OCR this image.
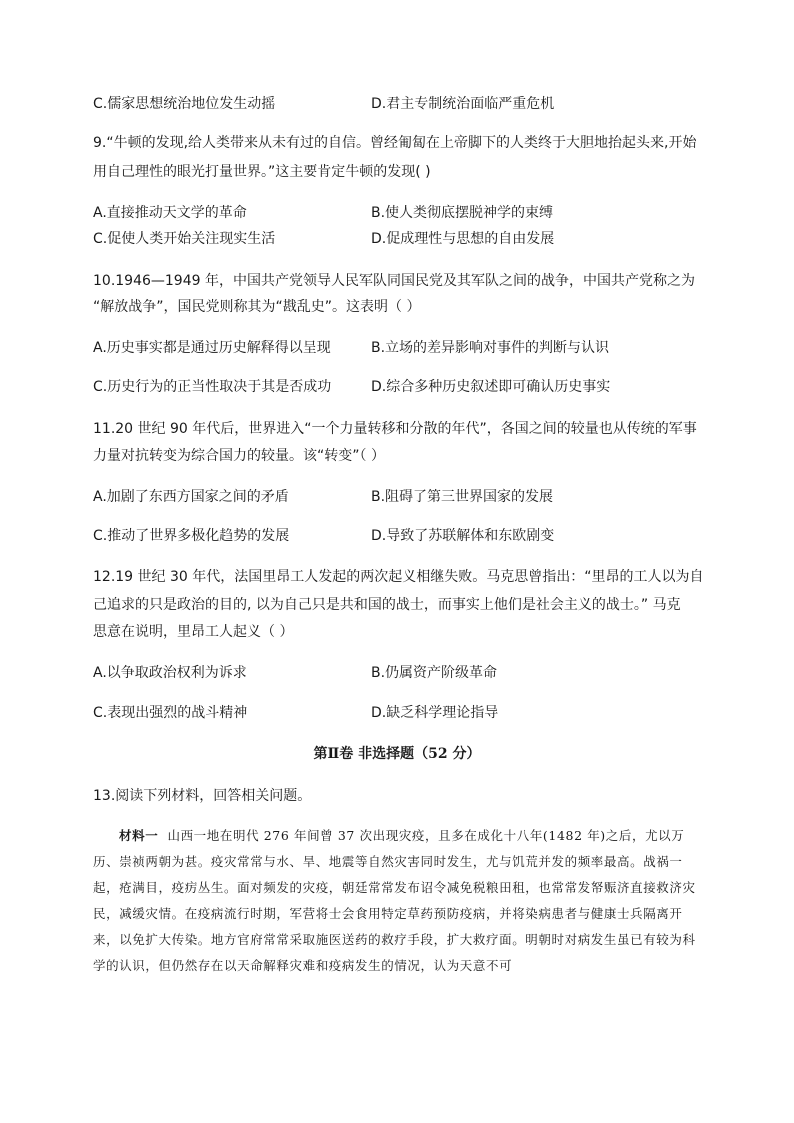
C.儒家思想统治地位发生动摇	D.君主专制统治面临严重危机
9.“牛顿的发现,给人类带来从未有过的自信。曾经匍匐在上帝脚下的人类终于大胆地抬起头来,开始
用自己理性的眼光打量世界。”这主要肯定牛顿的发现( )
A.直接推动天文学的革命	B.使人类彻底摆脱神学的束缚
C.促使人类开始关注现实生活	D.促成理性与思想的自由发展
10.1946—1949 年，中国共产党领导人民军队同国民党及其军队之间的战争，中国共产党称之为
“解放战争”，国民党则称其为“戡乱史”。这表明（ ）
A.历史事实都是通过历史解释得以呈现	B.立场的差异影响对事件的判断与认识
C.历史行为的正当性取决于其是否成功	D.综合多种历史叙述即可确认历史事实
11.20 世纪 90 年代后，世界进入“一个力量转移和分散的年代”，各国之间的较量也从传统的军事
力量对抗转变为综合国力的较量。该“转变”（ ）
A.加剧了东西方国家之间的矛盾	B.阻碍了第三世界国家的发展
C.推动了世界多极化趋势的发展	D.导致了苏联解体和东欧剧变
12.19 世纪 30 年代，法国里昂工人发起的两次起义相继失败。马克思曾指出：“里昂的工人以为自
己追求的只是政治的目的, 以为自己只是共和国的战士，而事实上他们是社会主义的战士。” 马克
思意在说明，里昂工人起义（ ）
A.以争取政治权利为诉求	B.仍属资产阶级革命
C.表现出强烈的战斗精神	D.缺乏科学理论指导
第Ⅱ卷 非选择题（52 分）
13.阅读下列材料，回答相关问题。
材料一 山西一地在明代 276 年间曾 37 次出现灾疫，且多在成化十八年(1482 年)之后，尤以万历、崇祯两朝为甚。疫灾常常与水、旱、地震等自然灾害同时发生，尤与饥荒并发的频率最高。战祸一起，疮满目，疫疠丛生。面对频发的灾疫，朝廷常常发布诏令减免税粮田租，也常常发帑赈济直接救济灾民，减缓灾情。在疫病流行时期，军营将士会食用特定草药预防疫病，并将染病患者与健康士兵隔离开来，以免扩大传染。地方官府常常采取施医送药的救疗手段，扩大救疗面。明朝时对病发生虽已有较为科学的认识，但仍然存在以天命解释灾难和疫病发生的情况，认为天意不可
